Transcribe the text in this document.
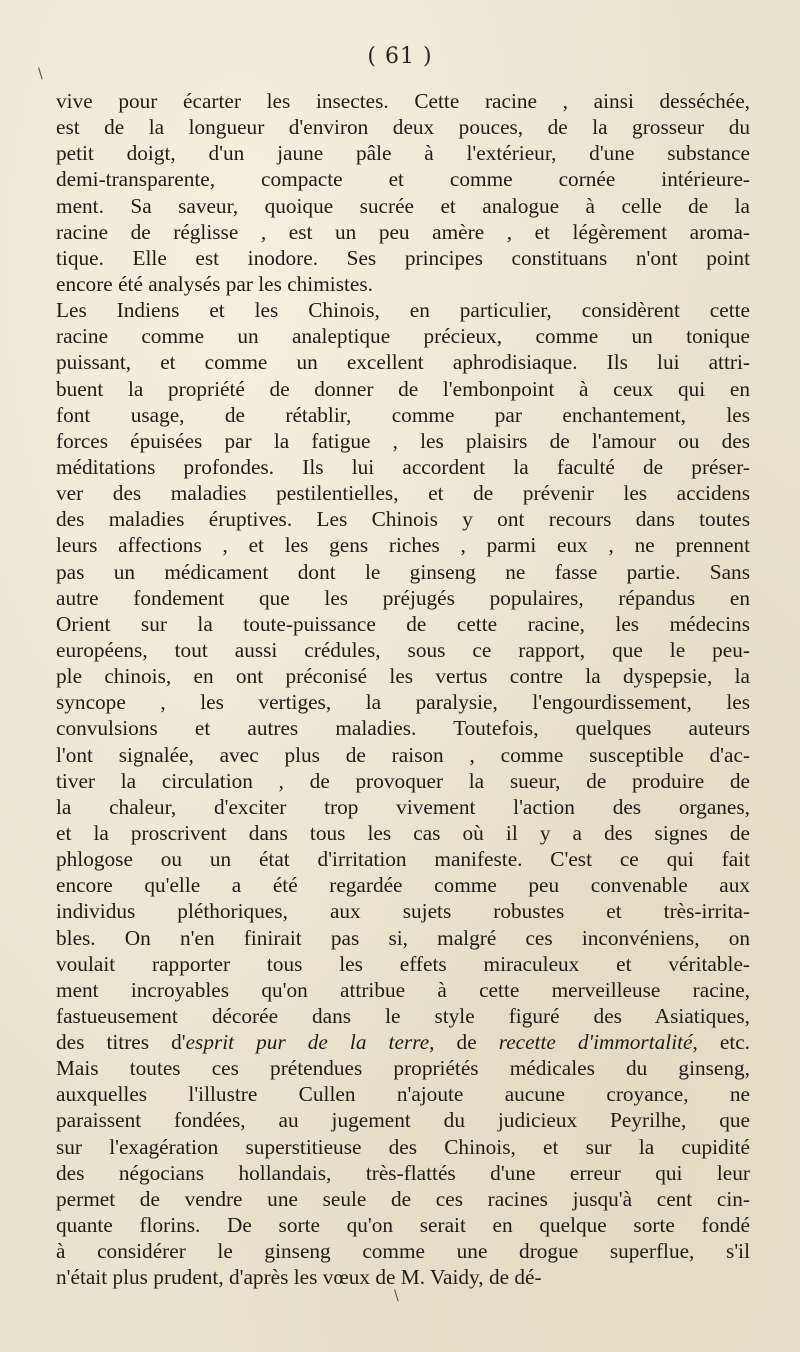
\
( 61 )
vive pour écarter les insectes. Cette racine , ainsi desséchée,
est de la longueur d'environ deux pouces, de la grosseur du
petit doigt, d'un jaune pâle à l'extérieur, d'une substance
demi-transparente, compacte et comme cornée intérieure-
ment. Sa saveur, quoique sucrée et analogue à celle de la
racine de réglisse , est un peu amère , et légèrement aroma-
tique. Elle est inodore. Ses principes constituans n'ont point
encore été analysés par les chimistes.
Les Indiens et les Chinois, en particulier, considèrent cette
racine comme un analeptique précieux, comme un tonique
puissant, et comme un excellent aphrodisiaque. Ils lui attri-
buent la propriété de donner de l'embonpoint à ceux qui en
font usage, de rétablir, comme par enchantement, les
forces épuisées par la fatigue , les plaisirs de l'amour ou des
méditations profondes. Ils lui accordent la faculté de préser-
ver des maladies pestilentielles, et de prévenir les accidens
des maladies éruptives. Les Chinois y ont recours dans toutes
leurs affections , et les gens riches , parmi eux , ne prennent
pas un médicament dont le ginseng ne fasse partie. Sans
autre fondement que les préjugés populaires, répandus en
Orient sur la toute-puissance de cette racine, les médecins
européens, tout aussi crédules, sous ce rapport, que le peu-
ple chinois, en ont préconisé les vertus contre la dyspepsie, la
syncope , les vertiges, la paralysie, l'engourdissement, les
convulsions et autres maladies. Toutefois, quelques auteurs
l'ont signalée, avec plus de raison , comme susceptible d'ac-
tiver la circulation , de provoquer la sueur, de produire de
la chaleur, d'exciter trop vivement l'action des organes,
et la proscrivent dans tous les cas où il y a des signes de
phlogose ou un état d'irritation manifeste. C'est ce qui fait
encore qu'elle a été regardée comme peu convenable aux
individus pléthoriques, aux sujets robustes et très-irrita-
bles. On n'en finirait pas si, malgré ces inconvéniens, on
voulait rapporter tous les effets miraculeux et véritable-
ment incroyables qu'on attribue à cette merveilleuse racine,
fastueusement décorée dans le style figuré des Asiatiques,
des titres d'esprit pur de la terre, de recette d'immortalité, etc.
Mais toutes ces prétendues propriétés médicales du ginseng,
auxquelles l'illustre Cullen n'ajoute aucune croyance, ne
paraissent fondées, au jugement du judicieux Peyrilhe, que
sur l'exagération superstitieuse des Chinois, et sur la cupidité
des négocians hollandais, très-flattés d'une erreur qui leur
permet de vendre une seule de ces racines jusqu'à cent cin-
quante florins. De sorte qu'on serait en quelque sorte fondé
à considérer le ginseng comme une drogue superflue, s'il
n'était plus prudent, d'après les vœux de M. Vaidy, de dé-
\
